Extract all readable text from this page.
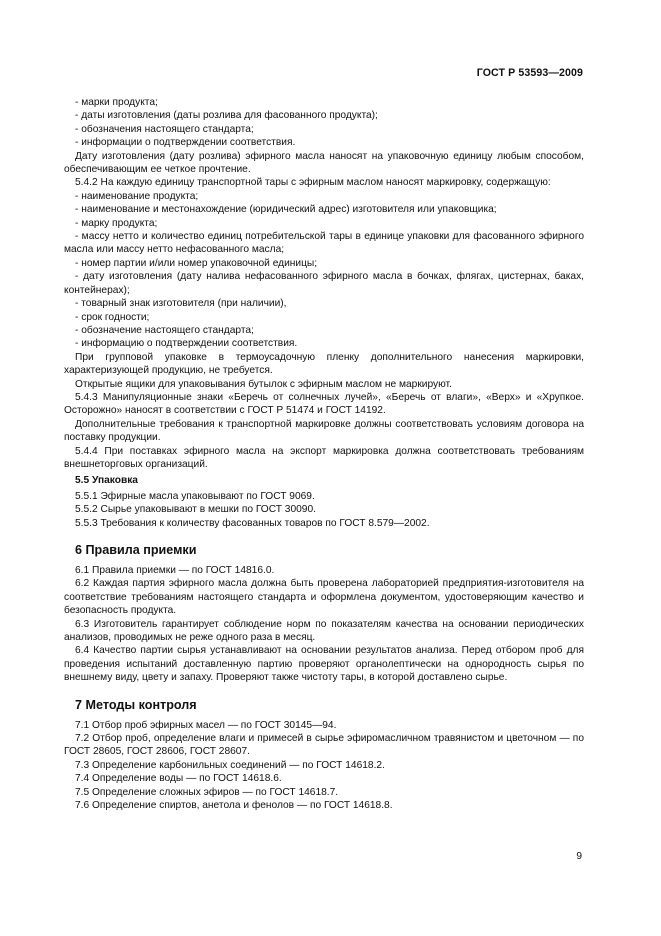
ГОСТ Р 53593—2009

- марки продукта;

- даты изготовления (даты розлива для фасованного продукта);

- обозначения настоящего стандарта;

- информации о подтверждении соответствия.

Дату изготовления (дату розлива) эфирного масла наносят на упаковочную единицу любым способом, обеспечивающим ее четкое прочтение.

5.4.2 На каждую единицу транспортной тары с эфирным маслом наносят маркировку, содержащую:

- наименование продукта;

- наименование и местонахождение (юридический адрес) изготовителя или упаковщика;

- марку продукта;

- массу нетто и количество единиц потребительской тары в единице упаковки для фасованного эфирного масла или массу нетто нефасованного масла;

- номер партии и/или номер упаковочной единицы;

- дату изготовления (дату налива нефасованного эфирного масла в бочках, флягах, цистернах, баках, контейнерах);

- товарный знак изготовителя (при наличии),

- срок годности;

- обозначение настоящего стандарта;

- информацию о подтверждении соответствия.

При групповой упаковке в термоусадочную пленку дополнительного нанесения маркировки, характеризующей продукцию, не требуется.

Открытые ящики для упаковывания бутылок с эфирным маслом не маркируют.

5.4.3 Манипуляционные знаки «Беречь от солнечных лучей», «Беречь от влаги», «Верх» и «Хрупкое. Осторожно» наносят в соответствии с ГОСТ Р 51474 и ГОСТ 14192.

Дополнительные требования к транспортной маркировке должны соответствовать условиям договора на поставку продукции.

5.4.4 При поставках эфирного масла на экспорт маркировка должна соответствовать требованиям внешнеторговых организаций.

5.5 Упаковка

5.5.1 Эфирные масла упаковывают по ГОСТ 9069.

5.5.2 Сырье упаковывают в мешки по ГОСТ 30090.

5.5.3 Требования к количеству фасованных товаров по ГОСТ 8.579—2002.

6 Правила приемки

6.1 Правила приемки — по ГОСТ 14816.0.

6.2 Каждая партия эфирного масла должна быть проверена лабораторией предприятия-изготовителя на соответствие требованиям настоящего стандарта и оформлена документом, удостоверяющим качество и безопасность продукта.

6.3 Изготовитель гарантирует соблюдение норм по показателям качества на основании периодических анализов, проводимых не реже одного раза в месяц.

6.4 Качество партии сырья устанавливают на основании результатов анализа. Перед отбором проб для проведения испытаний доставленную партию проверяют органолептически на однородность сырья по внешнему виду, цвету и запаху. Проверяют также чистоту тары, в которой доставлено сырье.

7 Методы контроля

7.1 Отбор проб эфирных масел — по ГОСТ 30145—94.

7.2 Отбор проб, определение влаги и примесей в сырье эфиромасличном травянистом и цветочном — по ГОСТ 28605, ГОСТ 28606, ГОСТ 28607.

7.3 Определение карбонильных соединений — по ГОСТ 14618.2.

7.4 Определение воды — по ГОСТ 14618.6.

7.5 Определение сложных эфиров — по ГОСТ 14618.7.

7.6 Определение спиртов, анетола и фенолов — по ГОСТ 14618.8.

9
